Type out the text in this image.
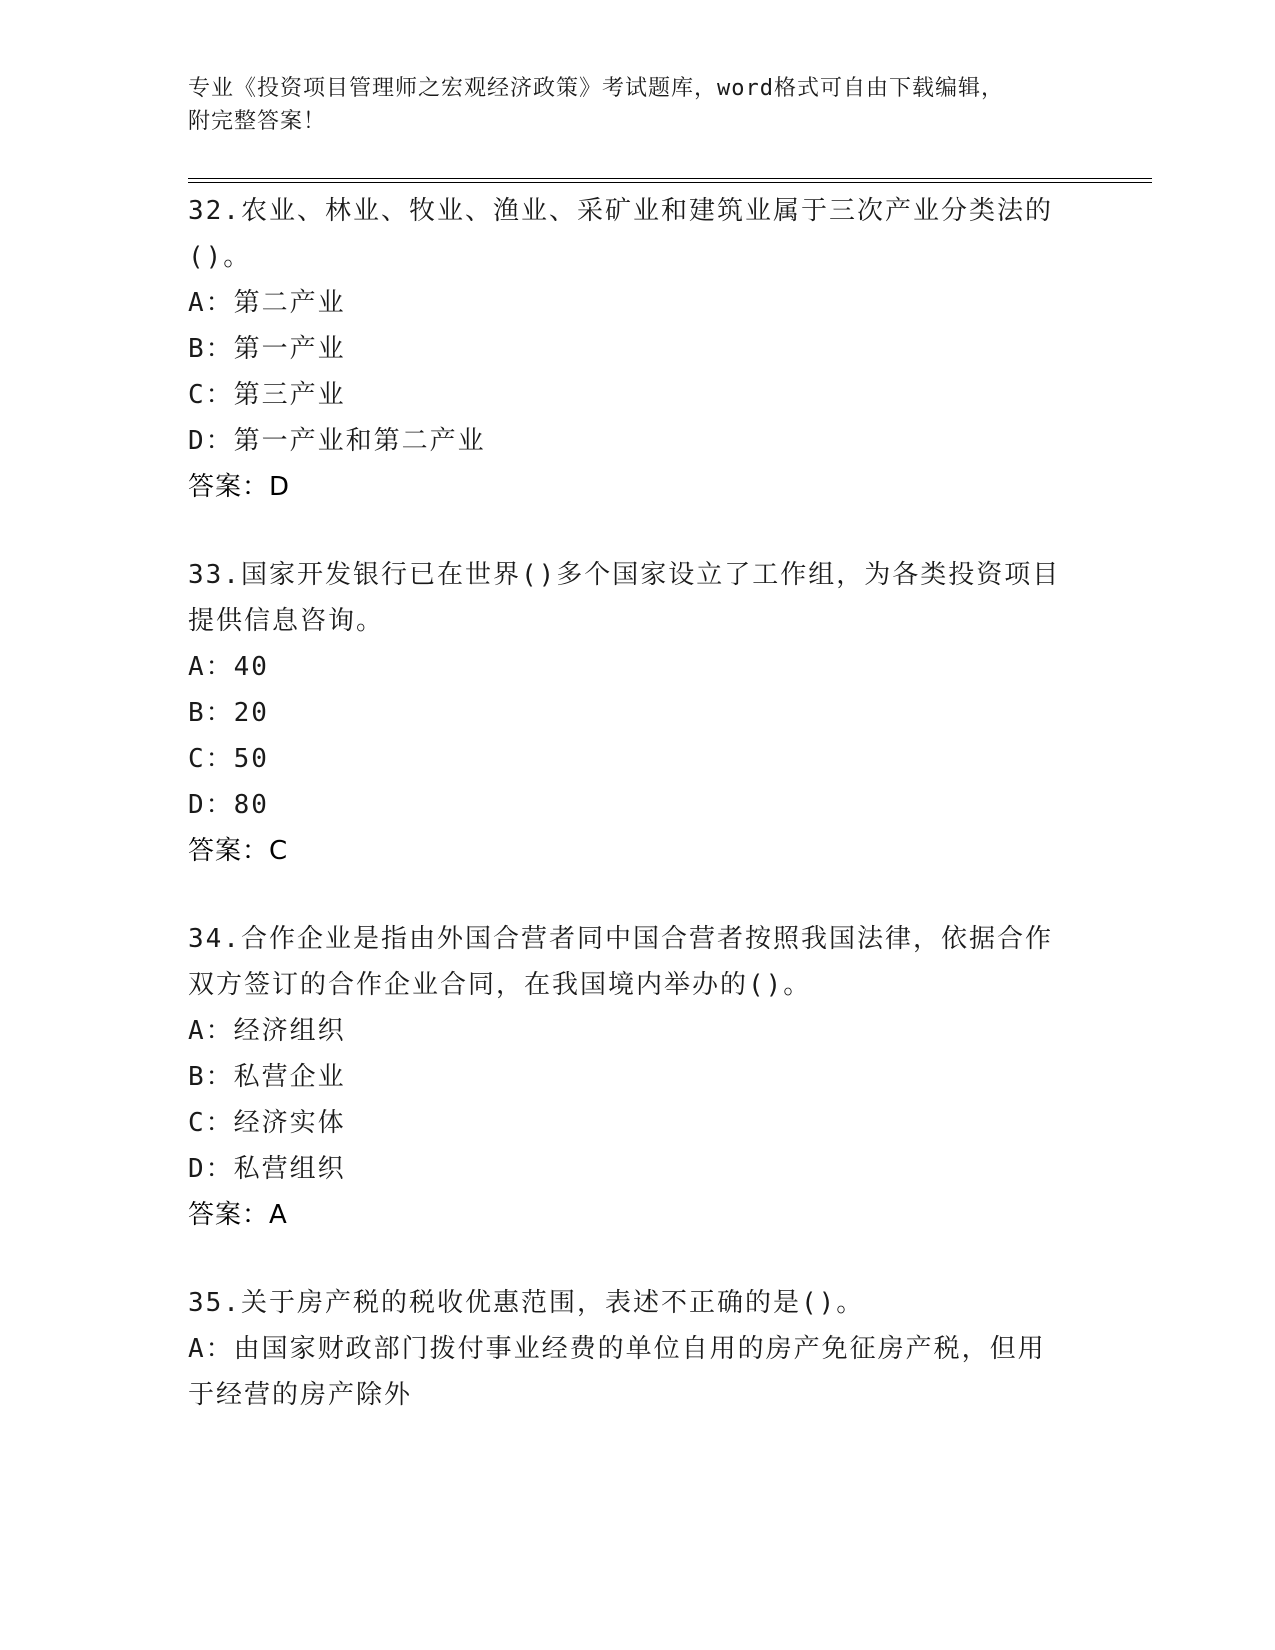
专业《投资项目管理师之宏观经济政策》考试题库，word格式可自由下载编辑，
附完整答案！
32.农业、林业、牧业、渔业、采矿业和建筑业属于三次产业分类法的
()。
A：第二产业
B：第一产业
C：第三产业
D：第一产业和第二产业
答案：D
33.国家开发银行已在世界()多个国家设立了工作组，为各类投资项目
提供信息咨询。
A：40
B：20
C：50
D：80
答案：C
34.合作企业是指由外国合营者同中国合营者按照我国法律，依据合作
双方签订的合作企业合同，在我国境内举办的()。
A：经济组织
B：私营企业
C：经济实体
D：私营组织
答案：A
35.关于房产税的税收优惠范围，表述不正确的是()。
A：由国家财政部门拨付事业经费的单位自用的房产免征房产税，但用
于经营的房产除外
